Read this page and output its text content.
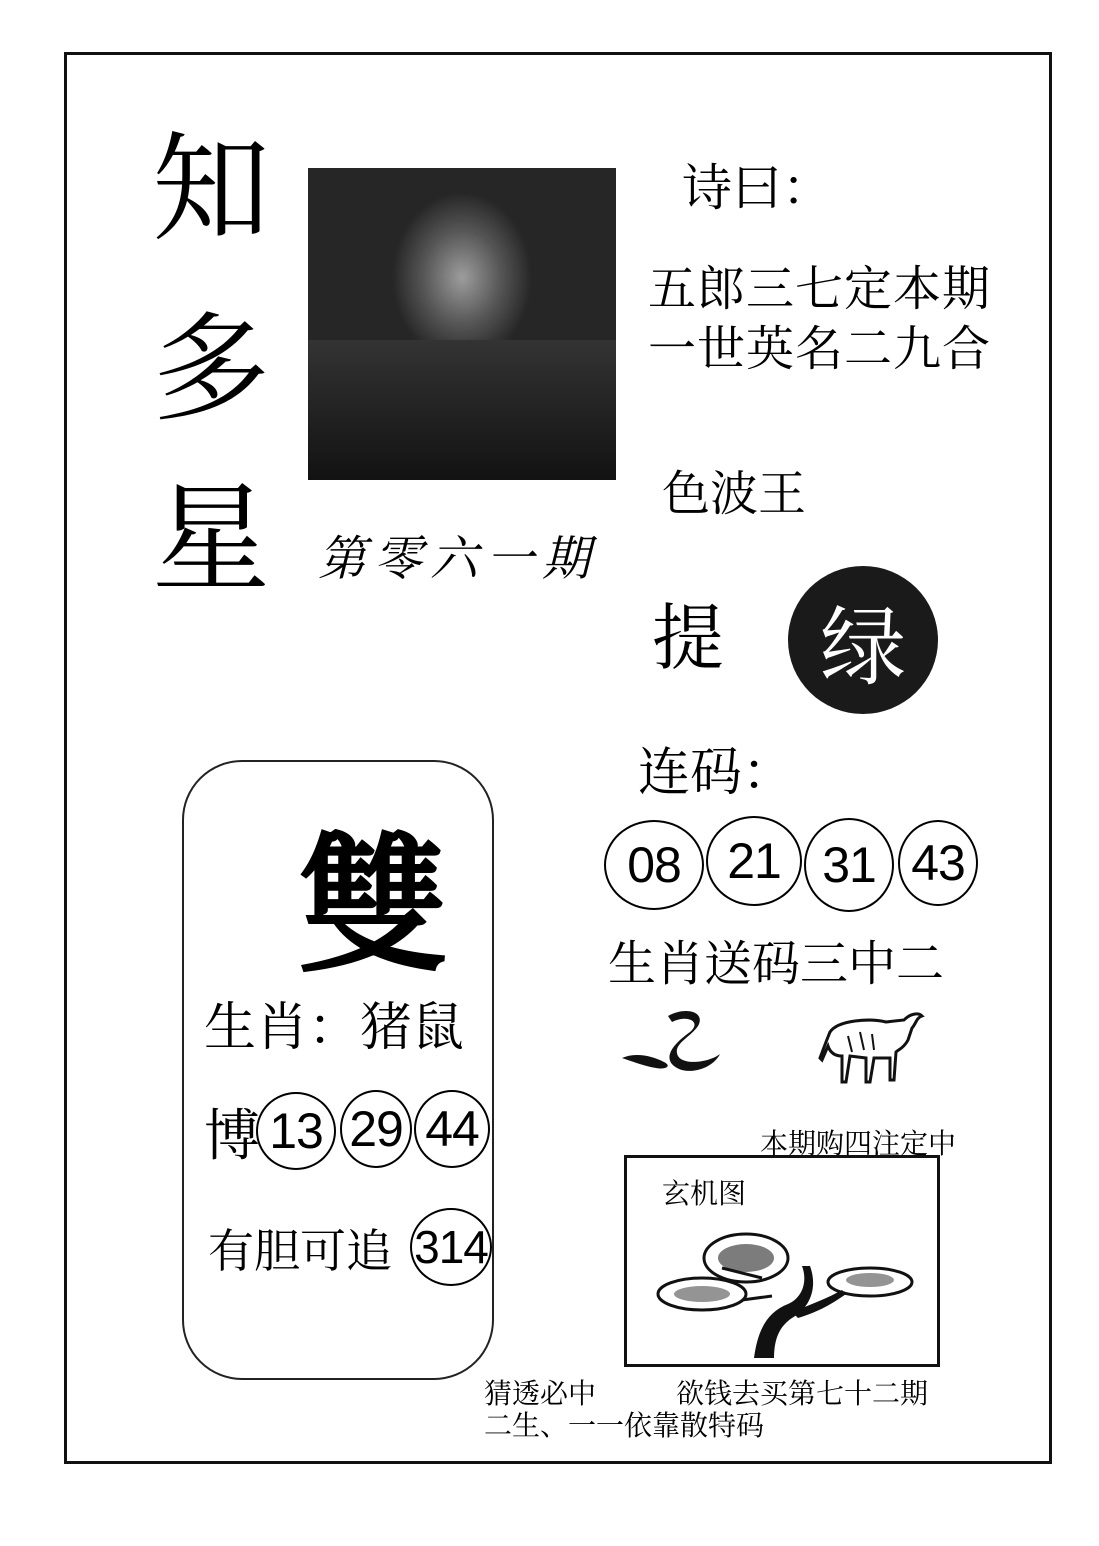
知
多
星 第零六一期
诗曰：
五郎三七定本期
一世英名二九合
色波王
提 绿
连码：
08 21 31 43
生肖送码三中二
雙
生肖：猪鼠
博 13 29 44
有胆可追 314
本期购四注定中
玄机图
猜透必中	欲钱去买第七十二期
二生、一一依靠散特码
